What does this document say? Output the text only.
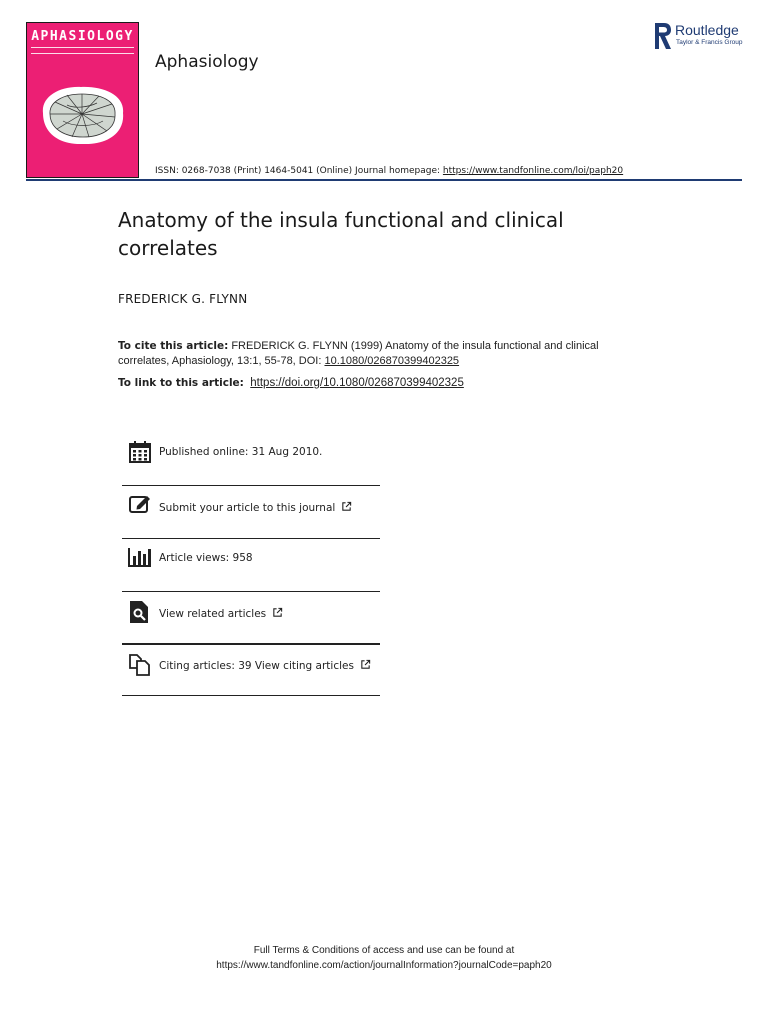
APHASIOLOGY
Aphasiology
Routledge
Taylor & Francis Group
ISSN: 0268-7038 (Print) 1464-5041 (Online) Journal homepage: https://www.tandfonline.com/loi/paph20
Anatomy of the insula functional and clinical correlates
FREDERICK G. FLYNN
To cite this article: FREDERICK G. FLYNN (1999) Anatomy of the insula functional and clinical correlates, Aphasiology, 13:1, 55-78, DOI: 10.1080/026870399402325
To link to this article: https://doi.org/10.1080/026870399402325
Published online: 31 Aug 2010.
Submit your article to this journal
Article views: 958
View related articles
Citing articles: 39 View citing articles
Full Terms & Conditions of access and use can be found at
https://www.tandfonline.com/action/journalInformation?journalCode=paph20
